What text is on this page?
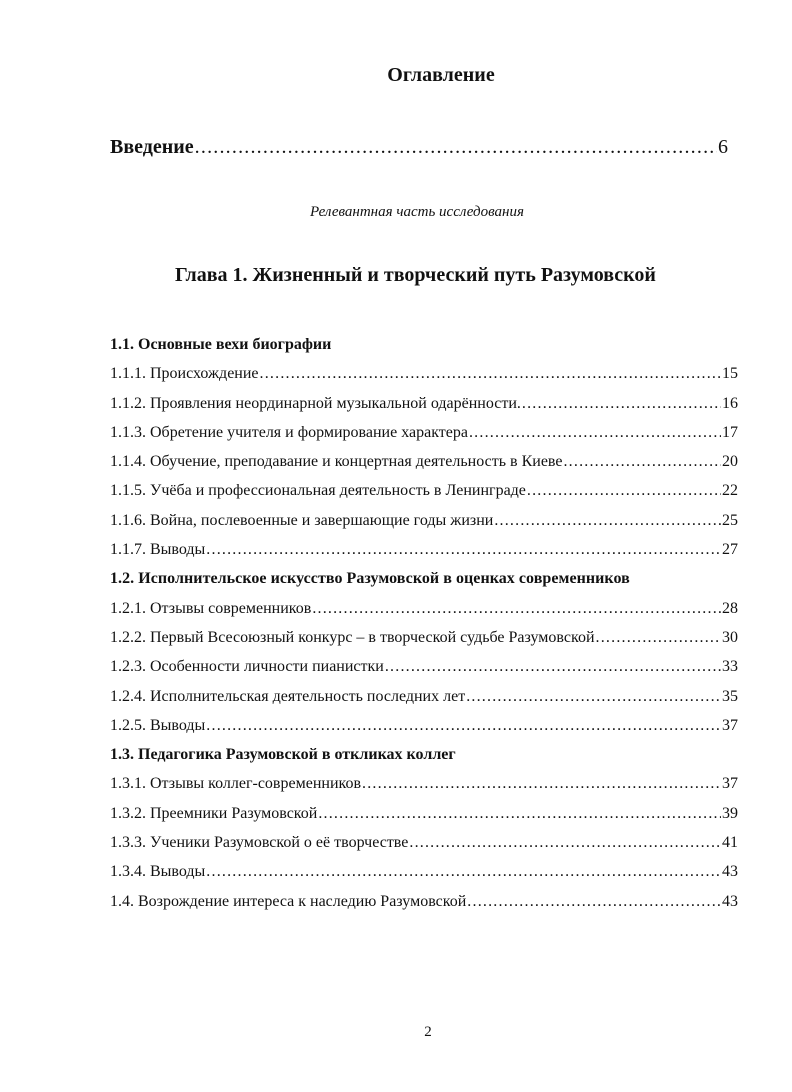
Оглавление
Введение .....	6
Релевантная часть исследования
Глава 1. Жизненный и творческий путь Разумовской
1.1. Основные вехи биографии
1.1.1. Происхождение .....	15
1.1.2. Проявления неординарной музыкальной одарённости. .....	16
1.1.3. Обретение учителя и формирование характера .....	17
1.1.4. Обучение, преподавание и концертная деятельность в Киеве .....	20
1.1.5. Учёба и профессиональная деятельность в Ленинграде .....	22
1.1.6. Война, послевоенные и завершающие годы жизни .....	25
1.1.7. Выводы .....	27
1.2. Исполнительское искусство Разумовской в оценках современников
1.2.1. Отзывы современников .....	28
1.2.2. Первый Всесоюзный конкурс – в творческой судьбе Разумовской .....	30
1.2.3. Особенности личности пианистки .....	33
1.2.4. Исполнительская деятельность последних лет .....	35
1.2.5. Выводы .....	37
1.3. Педагогика Разумовской в откликах коллег
1.3.1. Отзывы коллег-современников .....	37
1.3.2. Преемники Разумовской .....	39
1.3.3. Ученики Разумовской о её творчестве .....	41
1.3.4. Выводы .....	43
1.4. Возрождение интереса к наследию Разумовской .....	43
2
